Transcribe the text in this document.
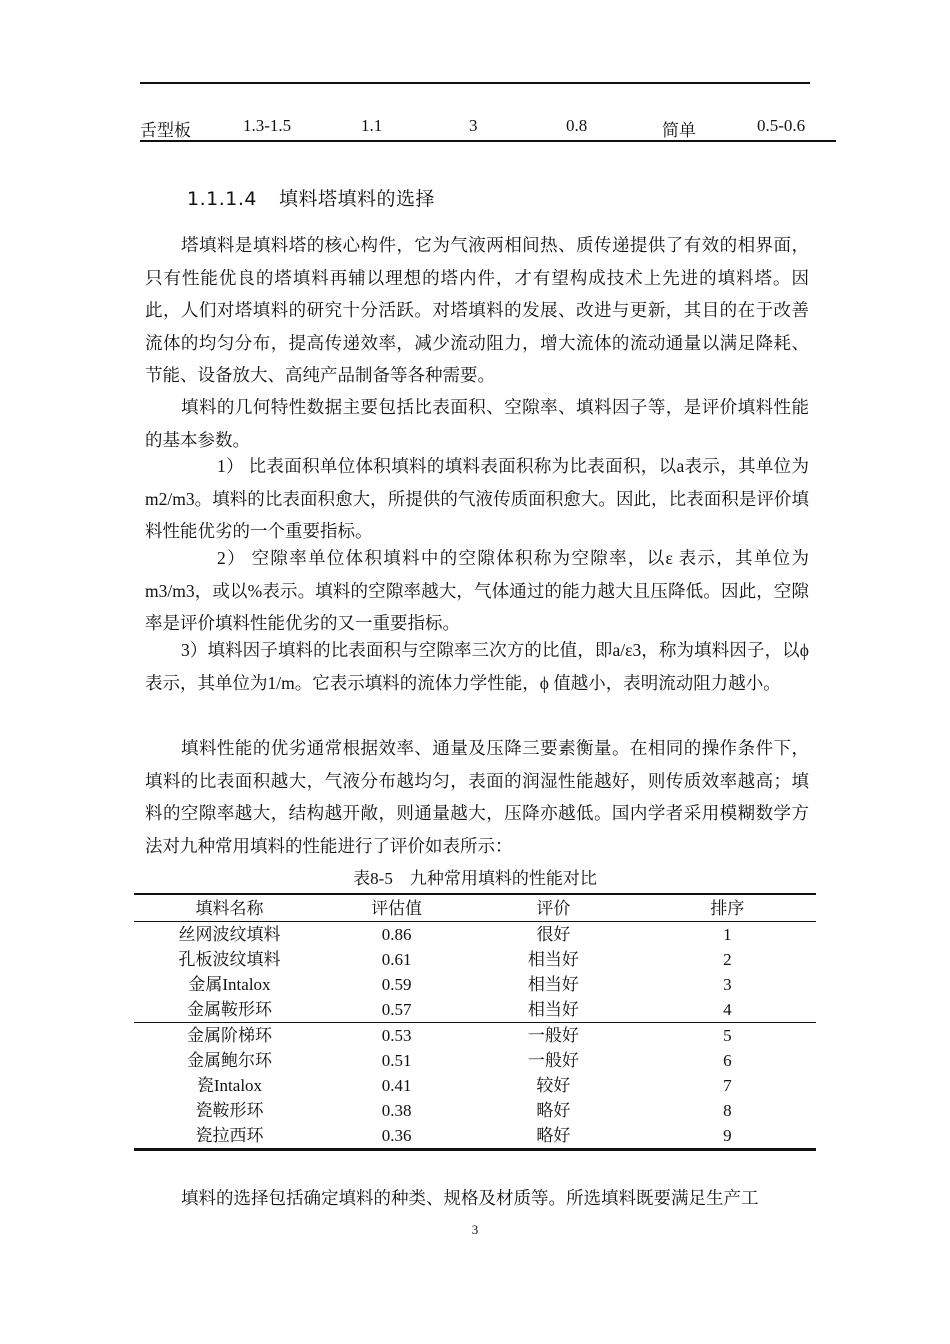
舌型板	1.3-1.5	1.1	3	0.8	简单	0.5-0.6
1.1.1.4 填料塔填料的选择

塔填料是填料塔的核心构件，它为气液两相间热、质传递提供了有效的相界面，只有性能优良的塔填料再辅以理想的塔内件，才有望构成技术上先进的填料塔。因此，人们对塔填料的研究十分活跃。对塔填料的发展、改进与更新，其目的在于改善流体的均匀分布，提高传递效率，减少流动阻力，增大流体的流动通量以满足降耗、节能、设备放大、高纯产品制备等各种需要。

填料的几何特性数据主要包括比表面积、空隙率、填料因子等，是评价填料性能的基本参数。

1） 比表面积单位体积填料的填料表面积称为比表面积，以a表示，其单位为m2/m3。填料的比表面积愈大，所提供的气液传质面积愈大。因此，比表面积是评价填料性能优劣的一个重要指标。

2） 空隙率单位体积填料中的空隙体积称为空隙率，以ε 表示，其单位为m3/m3，或以%表示。填料的空隙率越大，气体通过的能力越大且压降低。因此，空隙率是评价填料性能优劣的又一重要指标。

3）填料因子填料的比表面积与空隙率三次方的比值，即a/ε3，称为填料因子，以ϕ 表示，其单位为1/m。它表示填料的流体力学性能，ϕ 值越小，表明流动阻力越小。

填料性能的优劣通常根据效率、通量及压降三要素衡量。在相同的操作条件下，填料的比表面积越大，气液分布越均匀，表面的润湿性能越好，则传质效率越高；填料的空隙率越大，结构越开敞，则通量越大，压降亦越低。国内学者采用模糊数学方法对九种常用填料的性能进行了评价如表所示：

表8-5　九种常用填料的性能对比
填料名称	评估值	评价	排序
丝网波纹填料	0.86	很好	1
孔板波纹填料	0.61	相当好	2
金属Intalox	0.59	相当好	3
金属鞍形环	0.57	相当好	4
金属阶梯环	0.53	一般好	5
金属鲍尔环	0.51	一般好	6
瓷Intalox	0.41	较好	7
瓷鞍形环	0.38	略好	8
瓷拉西环	0.36	略好	9

填料的选择包括确定填料的种类、规格及材质等。所选填料既要满足生产工

3
